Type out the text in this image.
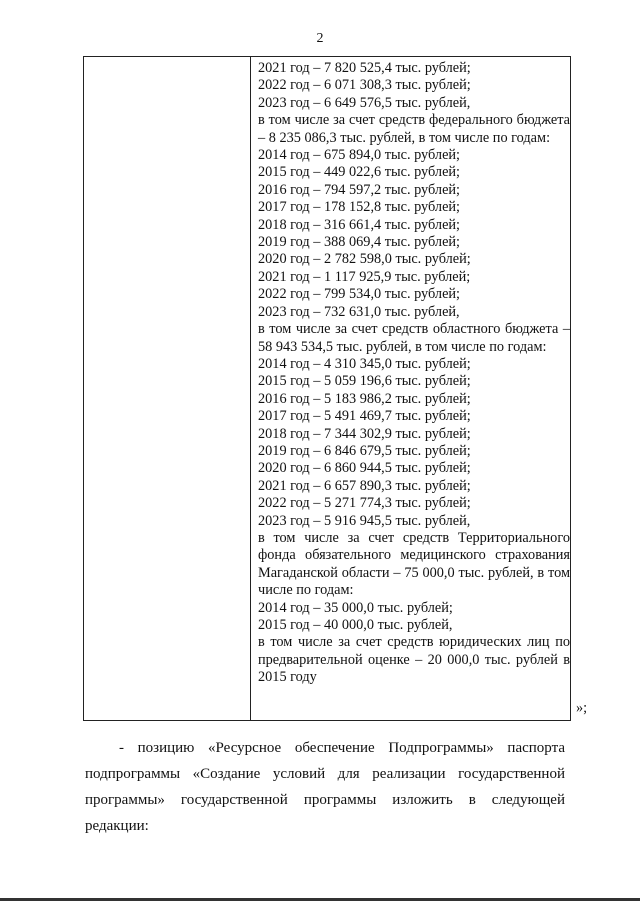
2
2021 год – 7 820 525,4 тыс. рублей;
2022 год – 6 071 308,3 тыс. рублей;
2023 год – 6 649 576,5 тыс. рублей,
в том числе за счет средств федерального бюджета – 8 235 086,3 тыс. рублей, в том числе по годам:
2014 год – 675 894,0 тыс. рублей;
2015 год – 449 022,6 тыс. рублей;
2016 год – 794 597,2 тыс. рублей;
2017 год – 178 152,8 тыс. рублей;
2018 год – 316 661,4 тыс. рублей;
2019 год – 388 069,4 тыс. рублей;
2020 год – 2 782 598,0 тыс. рублей;
2021 год – 1 117 925,9 тыс. рублей;
2022 год – 799 534,0 тыс. рублей;
2023 год – 732 631,0 тыс. рублей,
в том числе за счет средств областного бюджета – 58 943 534,5 тыс. рублей, в том числе по годам:
2014 год – 4 310 345,0 тыс. рублей;
2015 год – 5 059 196,6 тыс. рублей;
2016 год – 5 183 986,2 тыс. рублей;
2017 год – 5 491 469,7 тыс. рублей;
2018 год – 7 344 302,9 тыс. рублей;
2019 год – 6 846 679,5 тыс. рублей;
2020 год – 6 860 944,5 тыс. рублей;
2021 год – 6 657 890,3 тыс. рублей;
2022 год – 5 271 774,3 тыс. рублей;
2023 год – 5 916 945,5 тыс. рублей,
в том числе за счет средств Территориального фонда обязательного медицинского страхования Магаданской области – 75 000,0 тыс. рублей, в том числе по годам:
2014 год – 35 000,0 тыс. рублей;
2015 год – 40 000,0 тыс. рублей,
в том числе за счет средств юридических лиц по предварительной оценке – 20 000,0 тыс. рублей в 2015 году
»;

- позицию «Ресурсное обеспечение Подпрограммы» паспорта подпрограммы «Создание условий для реализации государственной программы» государственной программы изложить в следующей редакции:
